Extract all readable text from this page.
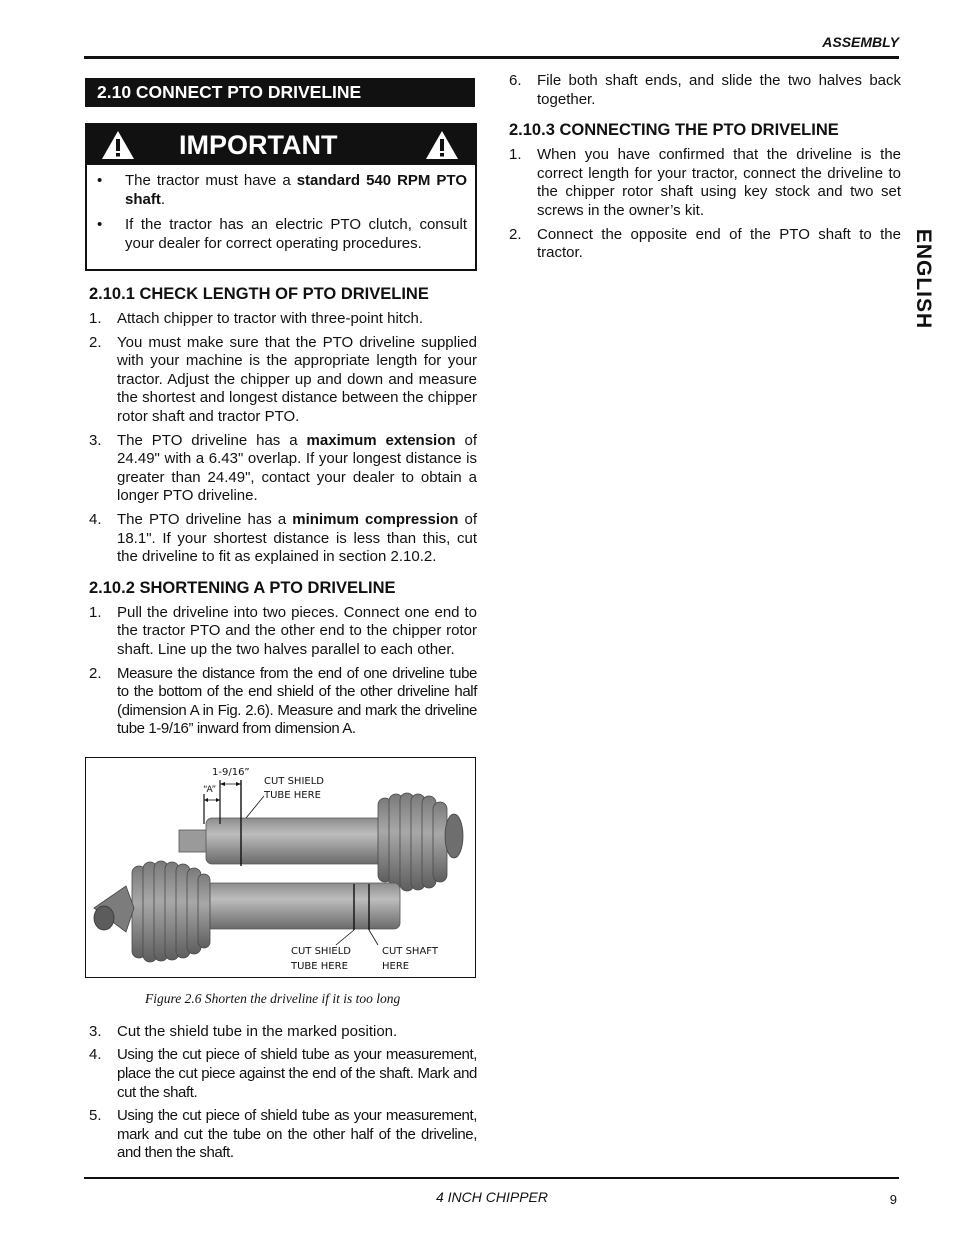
ASSEMBLY
2.10 CONNECT PTO DRIVELINE
IMPORTANT
•	The tractor must have a standard 540 RPM PTO shaft.
•	If the tractor has an electric PTO clutch, consult your dealer for correct operating procedures.
2.10.1 CHECK LENGTH OF PTO DRIVELINE
1.	Attach chipper to tractor with three-point hitch.
2.	You must make sure that the PTO driveline supplied with your machine is the appropriate length for your tractor. Adjust the chipper up and down and measure the shortest and longest distance between the chipper rotor shaft and tractor PTO.
3.	The PTO driveline has a maximum extension of 24.49" with a 6.43" overlap. If your longest distance is greater than 24.49", contact your dealer to obtain a longer PTO driveline.
4.	The PTO driveline has a minimum compression of 18.1". If your shortest distance is less than this, cut the driveline to fit as explained in section 2.10.2.
2.10.2 SHORTENING A PTO DRIVELINE
1.	Pull the driveline into two pieces. Connect one end to the tractor PTO and the other end to the chipper rotor shaft. Line up the two halves parallel to each other.
2.	Measure the distance from the end of one driveline tube to the bottom of the end shield of the other driveline half (dimension A in Fig. 2.6). Measure and mark the driveline tube 1-9/16” inward from dimension A.
1-9/16”
“A”
CUT SHIELD
TUBE HERE
CUT SHIELD
TUBE HERE
CUT SHAFT
HERE
Figure 2.6 Shorten the driveline if it is too long
3.	Cut the shield tube in the marked position.
4.	Using the cut piece of shield tube as your measurement, place the cut piece against the end of the shaft. Mark and cut the shaft.
5.	Using the cut piece of shield tube as your measurement, mark and cut the tube on the other half of the driveline, and then the shaft.
6.	File both shaft ends, and slide the two halves back together.
2.10.3 CONNECTING THE PTO DRIVELINE
1.	When you have confirmed that the driveline is the correct length for your tractor, connect the driveline to the chipper rotor shaft using key stock and two set screws in the owner’s kit.
2.	Connect the opposite end of the PTO shaft to the tractor.	ENGLISH
4 INCH CHIPPER	9
